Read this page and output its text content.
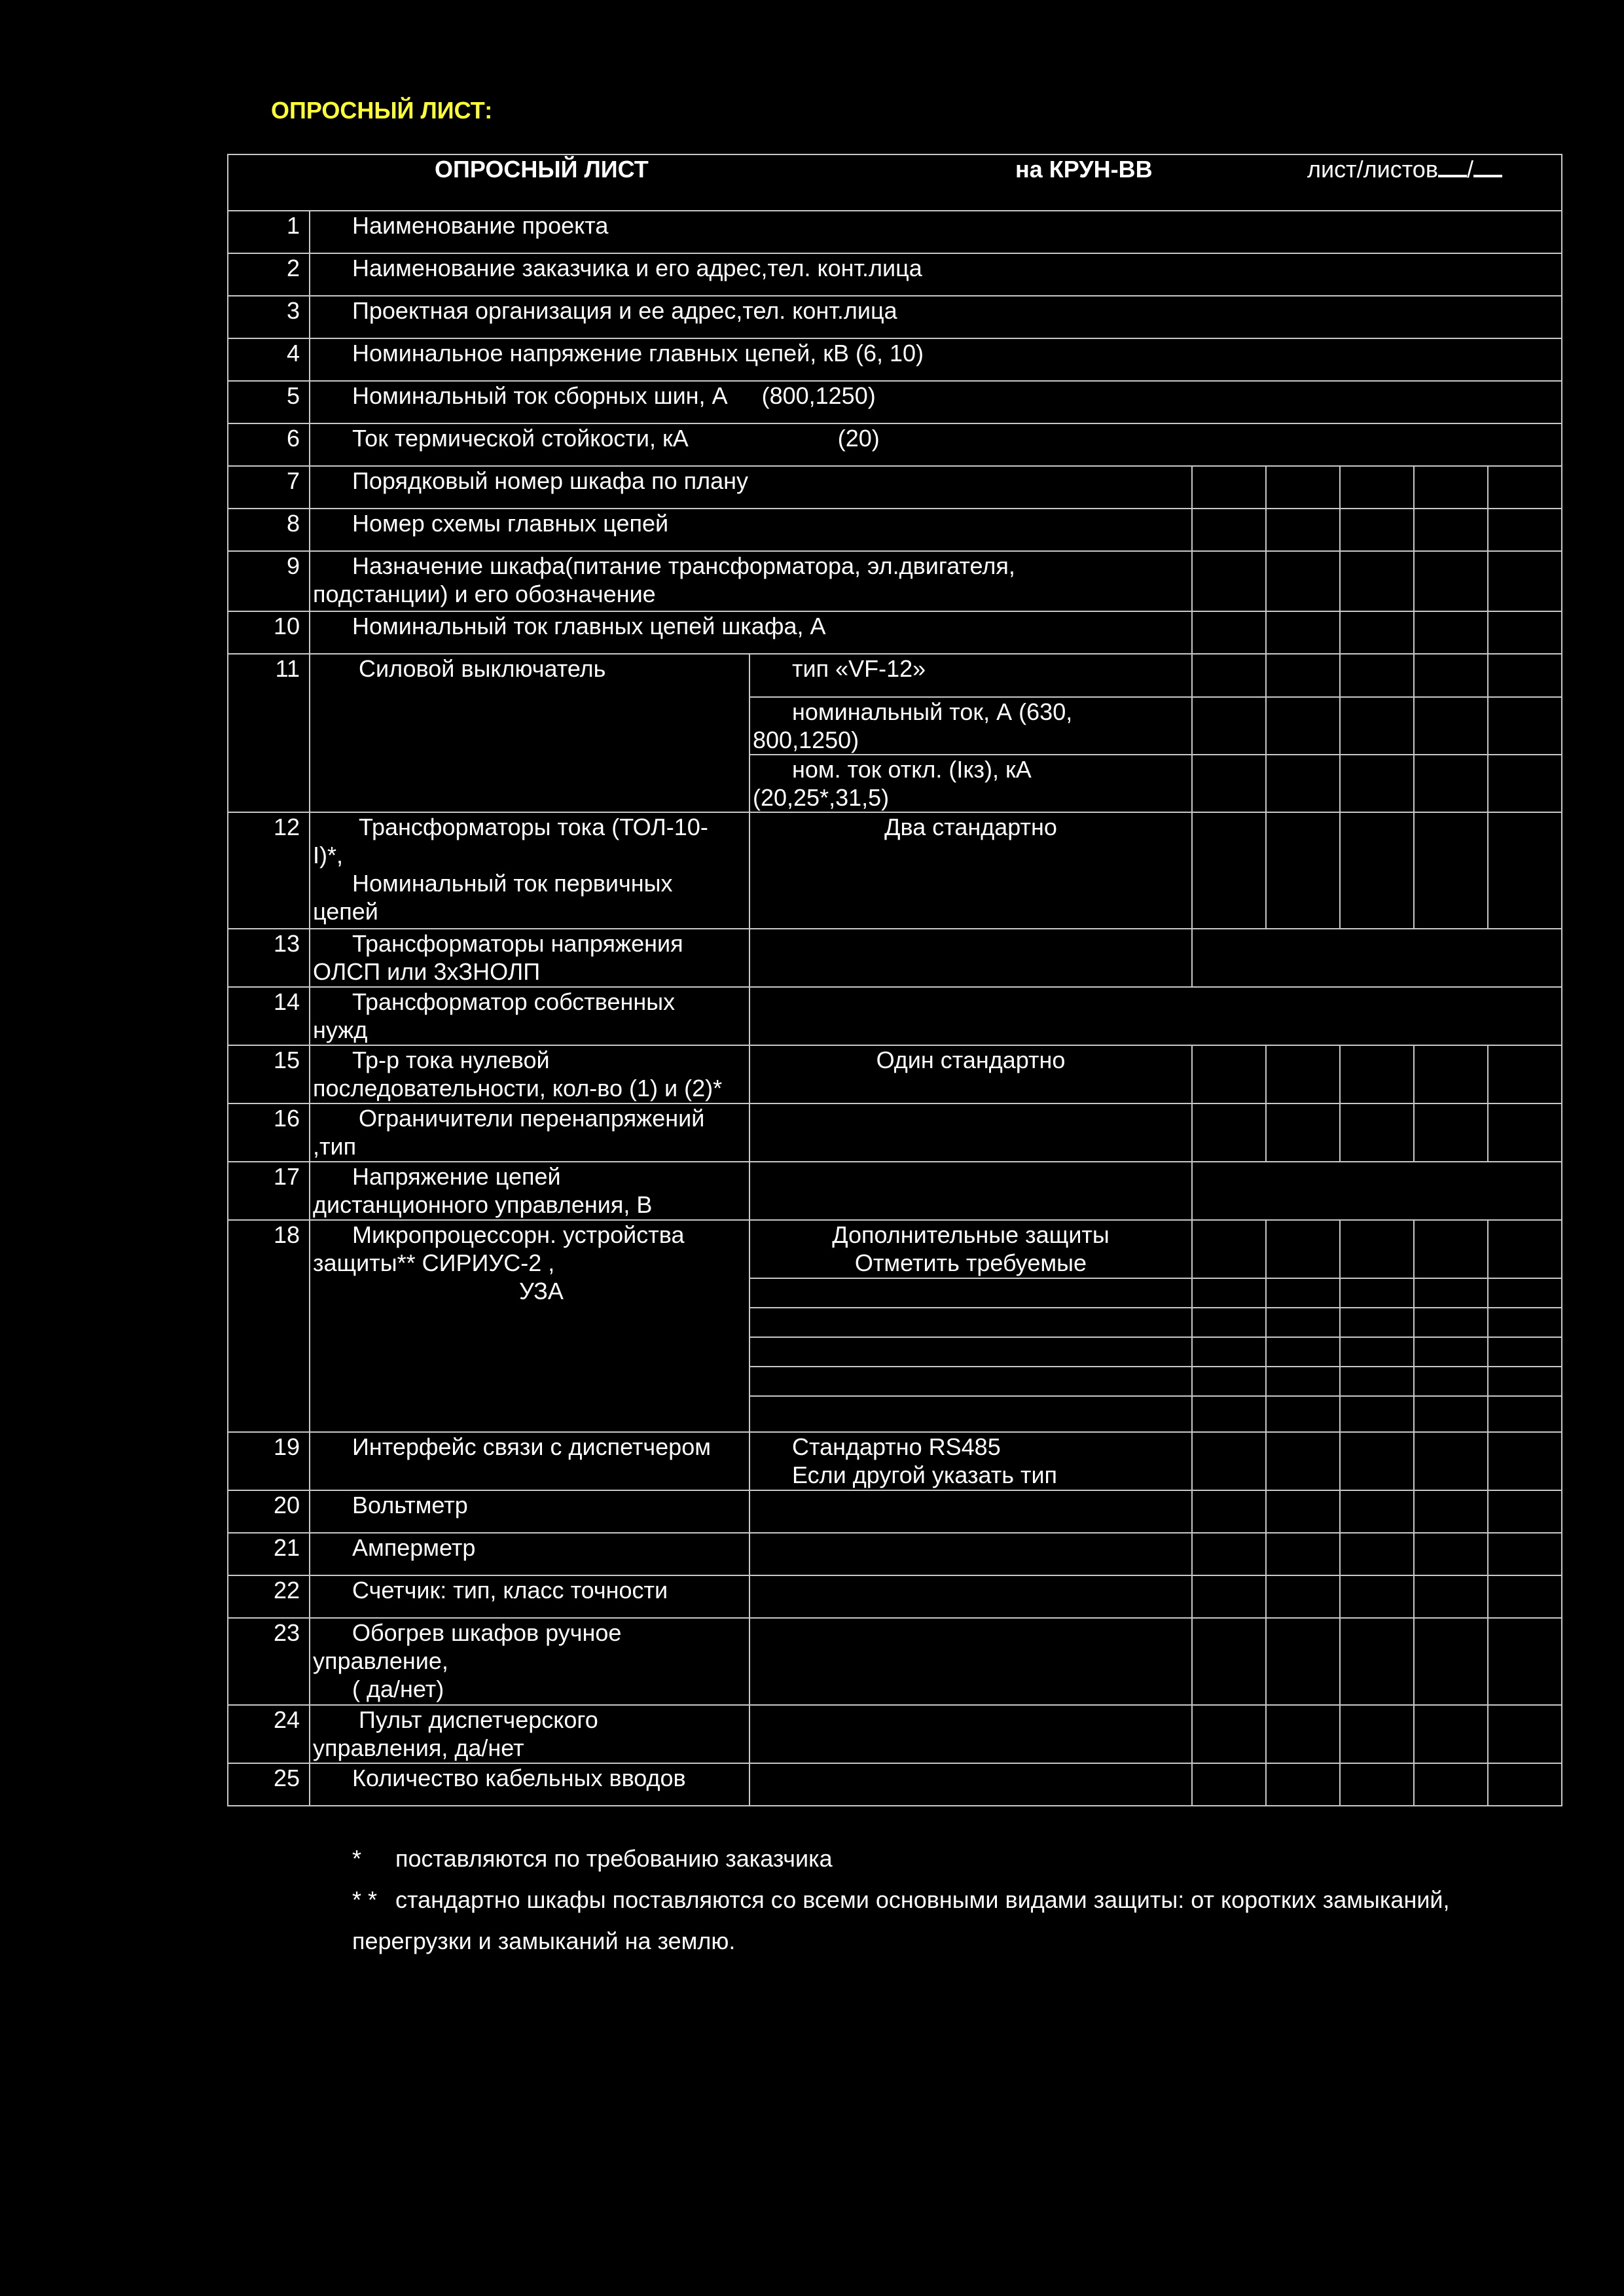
ОПРОСНЫЙ ЛИСТ:
ОПРОСНЫЙ ЛИСТ на КРУН-ВВ лист/листов /							

1	Наименование проекта						
2	Наименование заказчика и его адрес,тел. конт.лица						
3	Проектная организация и ее адрес,тел. конт.лица						
4	Номинальное напряжение главных цепей, кВ (6, 10)						
5	Номинальный ток сборных шин, А (800,1250)						
6	Ток термической стойкости, кА (20)						
7	Порядковый номер шкафа по плану						
8	Номер схемы главных цепей						
9	Назначение шкафа(питание трансформатора, эл.двигателя,
подстанции) и его обозначение						
10	Номинальный ток главных цепей шкафа, А						
11	Силовой выключатель	тип «VF-12»					
		номинальный ток, А (630,
800,1250)					
		ном. ток откл. (Iкз), кА
(20,25*,31,5)					
12	Трансформаторы тока (ТОЛ-10-
I)*,
Номинальный ток первичных
цепей	Два стандартно					
13	Трансформаторы напряжения
ОЛСП или 3хЗНОЛП						
14	Трансформатор собственных
нужд						
15	Тр-р тока нулевой
последовательности, кол-во (1) и (2)*	Один стандартно					
16	Ограничители перенапряжений
,тип						
17	Напряжение цепей
дистанционного управления, В						
18	Микропроцессорн. устройства
защиты** СИРИУС-2 ,
УЗА	Дополнительные защиты
Отметить требуемые					

19	Интерфейс связи с диспетчером	Стандартно RS485
Если другой указать тип					
20	Вольтметр						
21	Амперметр						
22	Счетчик: тип, класс точности						
23	Обогрев шкафов ручное
управление,
( да/нет)						
24	Пульт диспетчерского
управления, да/нет						
25	Количество кабельных вводов						
* поставляются по требованию заказчика
* * стандартно шкафы поставляются со всеми основными видами защиты: от коротких замыканий,
перегрузки и замыканий на землю.
